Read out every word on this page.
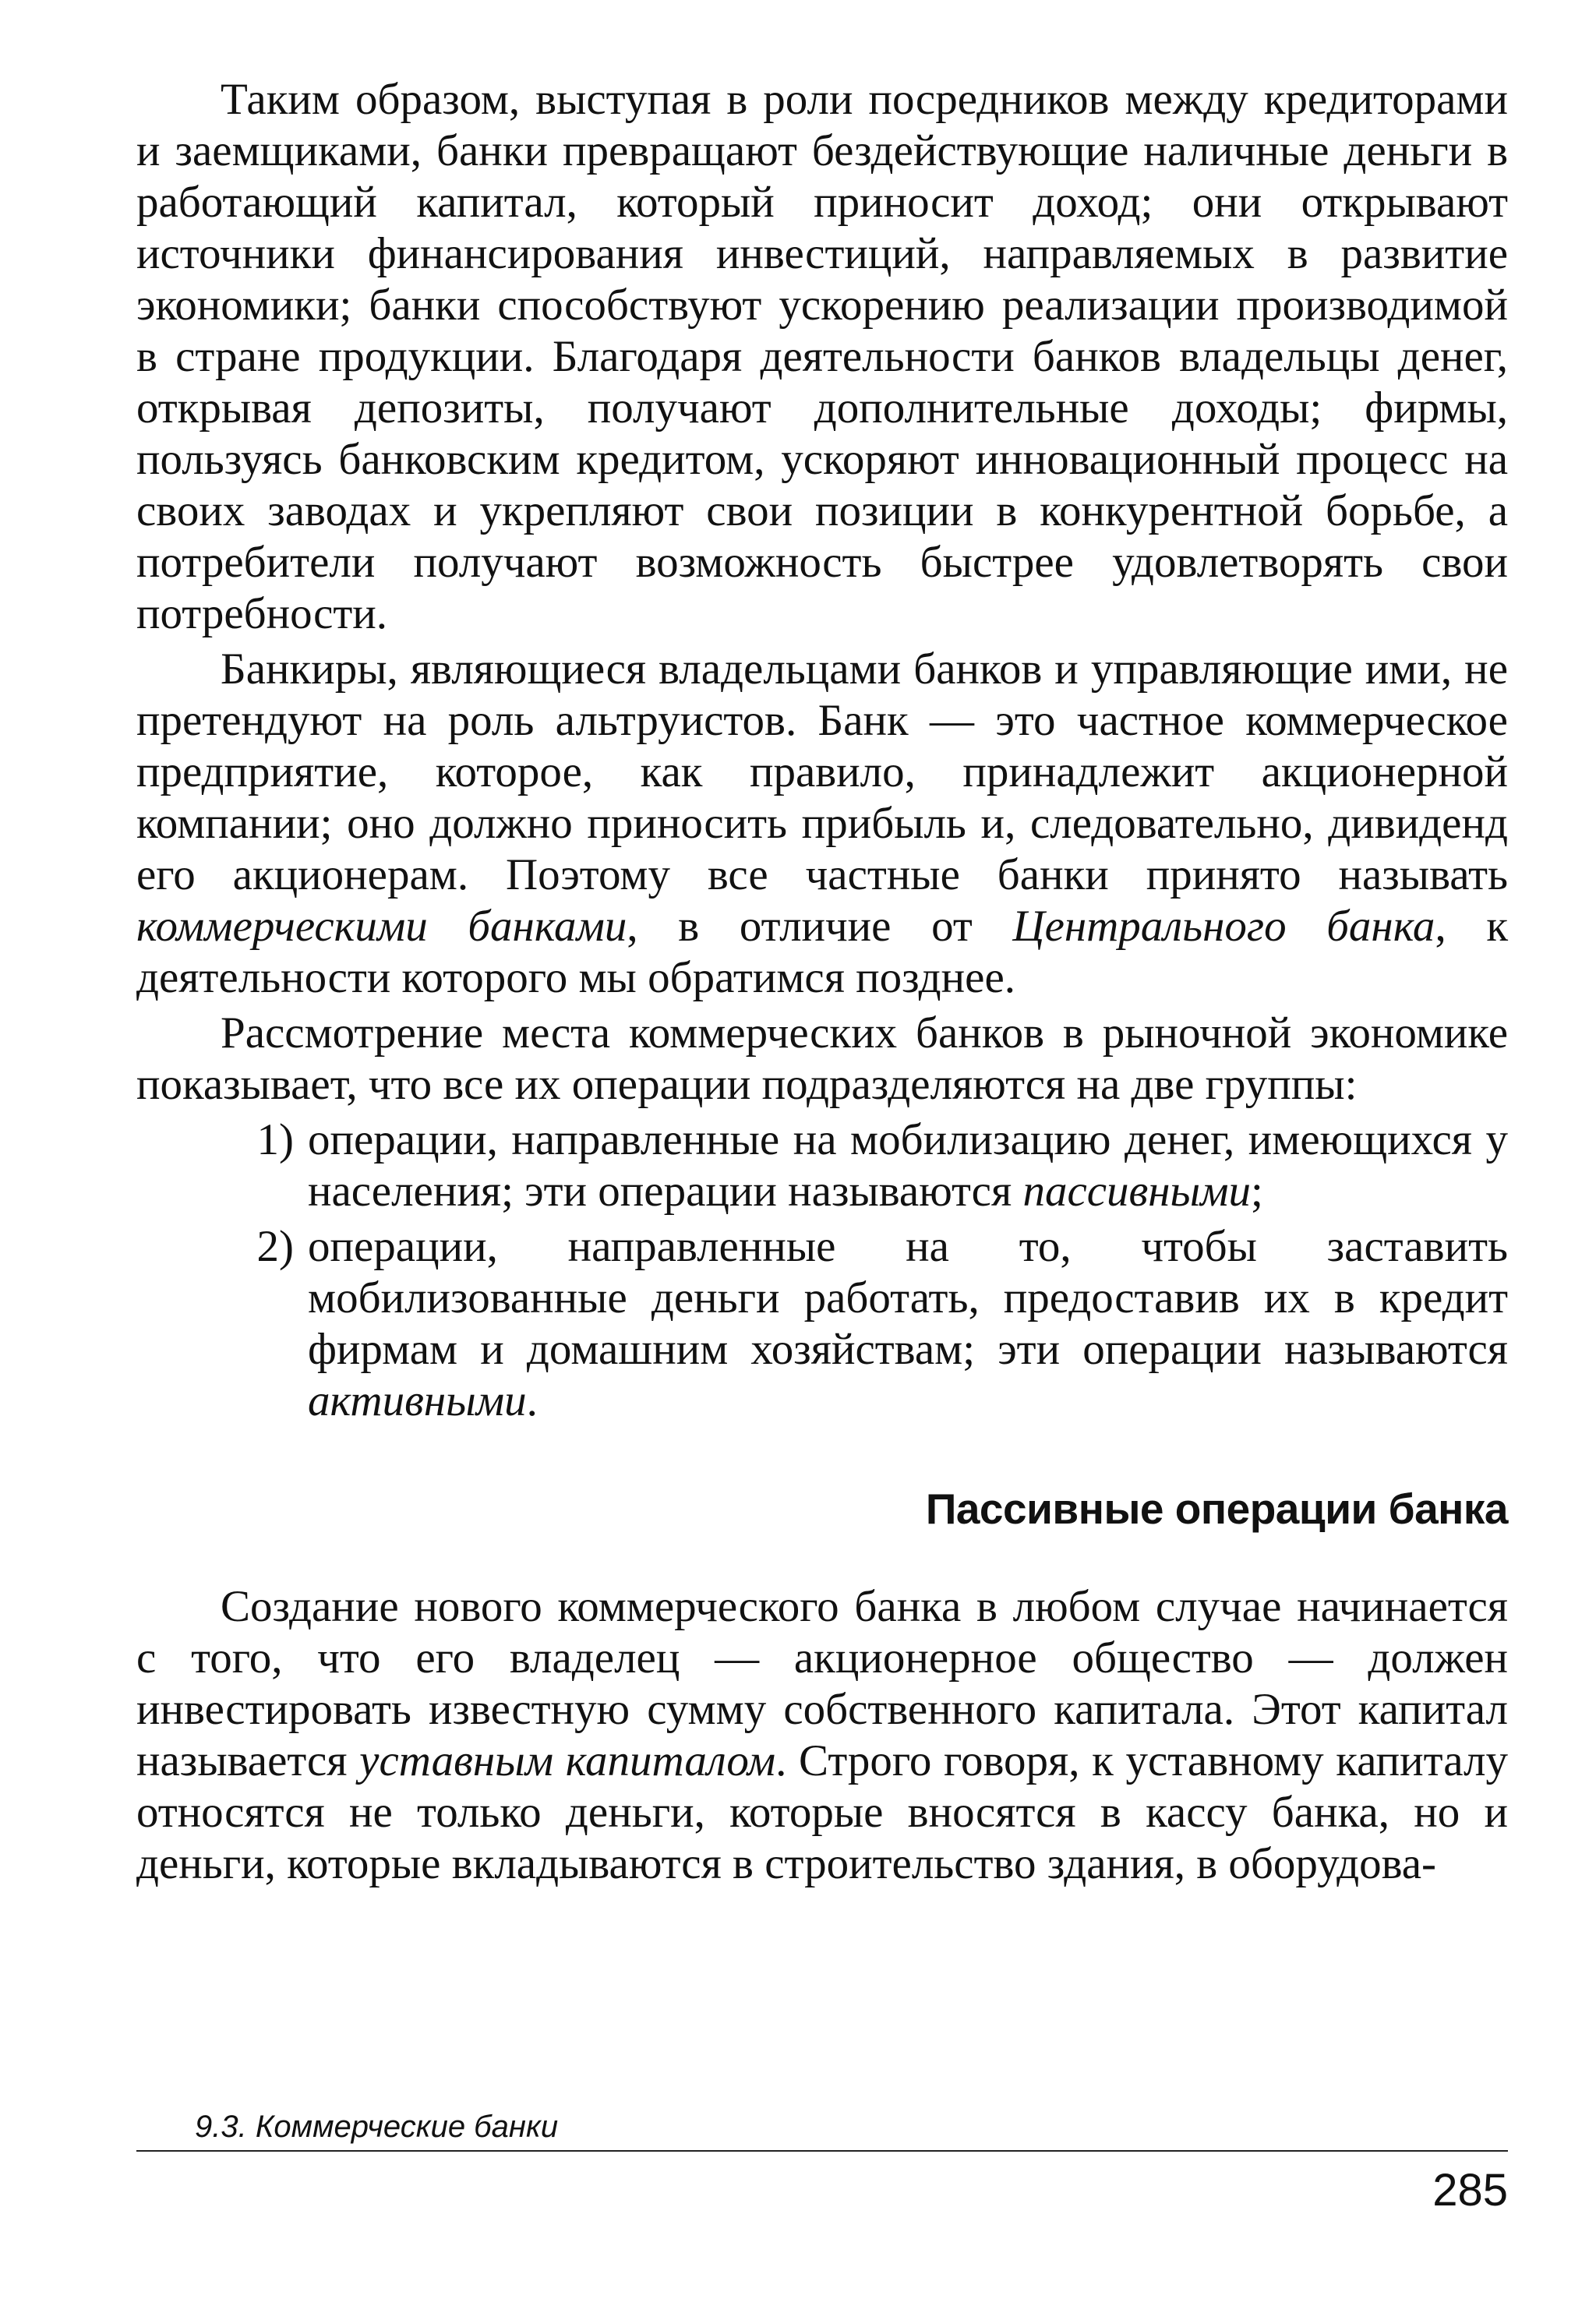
Таким образом, выступая в роли посредников между кредиторами и заемщиками, банки превращают бездействующие наличные деньги в работающий капитал, который приносит доход; они открывают источники финансирования инвестиций, направляемых в развитие экономики; банки способствуют ускорению реализации производимой в стране продукции. Благодаря деятельности банков владельцы денег, открывая депозиты, получают дополнительные доходы; фирмы, пользуясь банковским кредитом, ускоряют инновационный процесс на своих заводах и укрепляют свои позиции в конкурентной борьбе, а потребители получают возможность быстрее удовлетворять свои потребности.

Банкиры, являющиеся владельцами банков и управляющие ими, не претендуют на роль альтруистов. Банк — это частное коммерческое предприятие, которое, как правило, принадлежит акционерной компании; оно должно приносить прибыль и, следовательно, дивиденд его акционерам. Поэтому все частные банки принято называть коммерческими банками, в отличие от Центрального банка, к деятельности которого мы обратимся позднее.

Рассмотрение места коммерческих банков в рыночной экономике показывает, что все их операции подразделяются на две группы:

1) операции, направленные на мобилизацию денег, имеющихся у населения; эти операции называются пассивными;
2) операции, направленные на то, чтобы заставить мобилизованные деньги работать, предоставив их в кредит фирмам и домашним хозяйствам; эти операции называются активными.
Пассивные операции банка

Создание нового коммерческого банка в любом случае начинается с того, что его владелец — акционерное общество — должен инвестировать известную сумму собственного капитала. Этот капитал называется уставным капиталом. Строго говоря, к уставному капиталу относятся не только деньги, которые вносятся в кассу банка, но и деньги, которые вкладываются в строительство здания, в оборудова-

9.3. Коммерческие банки
285
